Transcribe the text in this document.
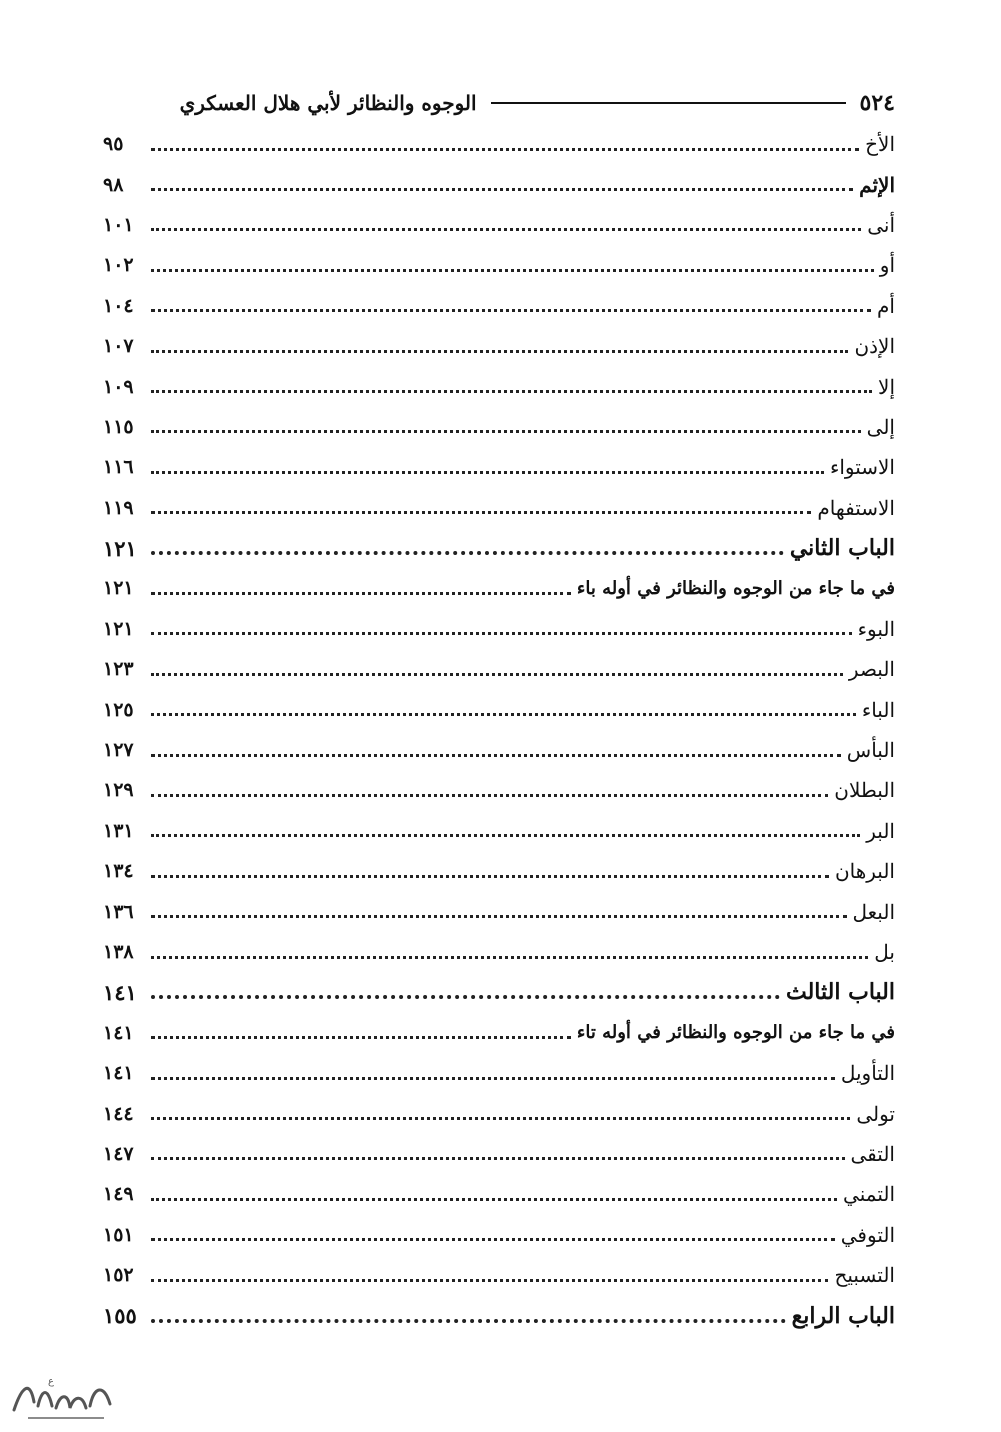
٥٢٤
الوجوه والنظائر لأبي هلال العسكري
الأخ
٩٥
الإثم
٩٨
أنى
١٠١
أو
١٠٢
أم
١٠٤
الإذن
١٠٧
إلا
١٠٩
إلى
١١٥
الاستواء
١١٦
الاستفهام
١١٩
الباب الثاني
١٢١
في ما جاء من الوجوه والنظائر في أوله باء
١٢١
البوء
١٢١
البصر
١٢٣
الباء
١٢٥
البأس
١٢٧
البطلان
١٢٩
البر
١٣١
البرهان
١٣٤
البعل
١٣٦
بل
١٣٨
الباب الثالث
١٤١
في ما جاء من الوجوه والنظائر في أوله تاء
١٤١
التأويل
١٤١
تولى
١٤٤
التقى
١٤٧
التمني
١٤٩
التوفي
١٥١
التسبيح
١٥٢
الباب الرابع
١٥٥
ع
